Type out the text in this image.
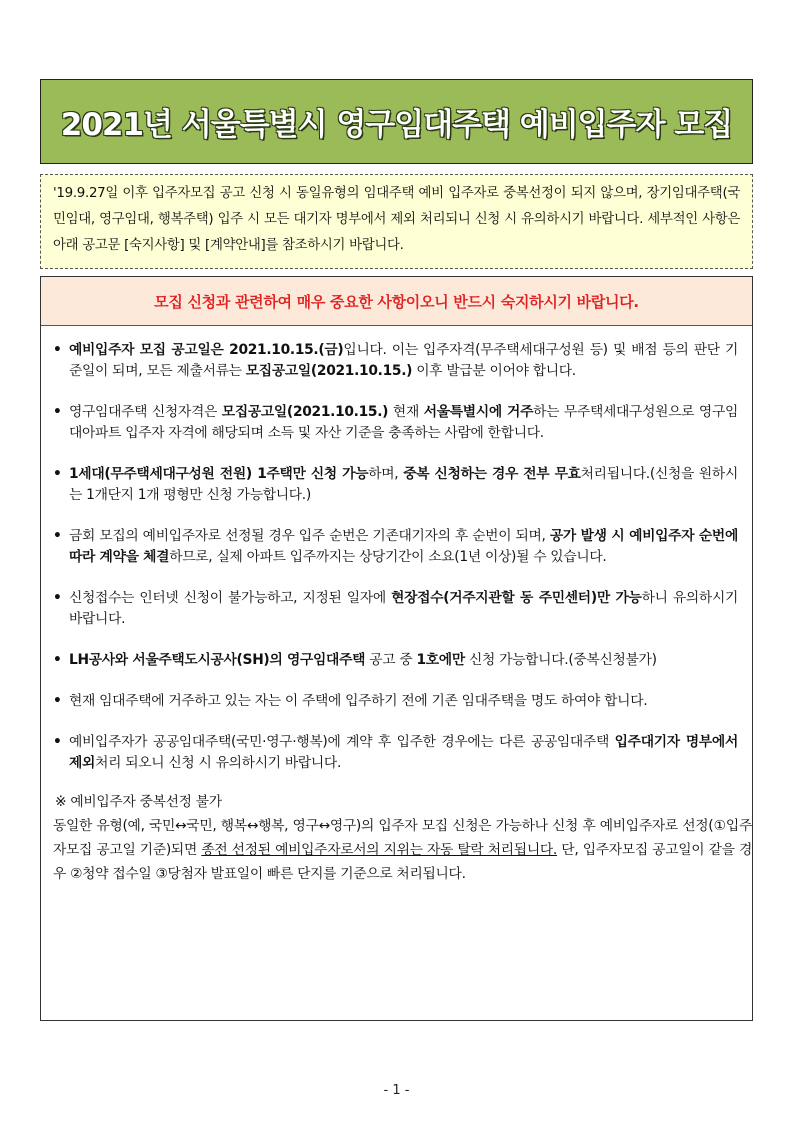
2021년 서울특별시 영구임대주택 예비입주자 모집
'19.9.27일 이후 입주자모집 공고 신청 시 동일유형의 임대주택 예비 입주자로 중복선정이 되지 않으며, 장기임대주택(국민임대, 영구임대, 행복주택) 입주 시 모든 대기자 명부에서 제외 처리되니 신청 시 유의하시기 바랍니다. 세부적인 사항은 아래 공고문 [숙지사항] 및 [계약안내]를 참조하시기 바랍니다.
모집 신청과 관련하여 매우 중요한 사항이오니 반드시 숙지하시기 바랍니다.
• 예비입주자 모집 공고일은 2021.10.15.(금)입니다. 이는 입주자격(무주택세대구성원 등) 및 배점 등의 판단 기준일이 되며, 모든 제출서류는 모집공고일(2021.10.15.) 이후 발급분 이어야 합니다.
• 영구임대주택 신청자격은 모집공고일(2021.10.15.) 현재 서울특별시에 거주하는 무주택세대구성원으로 영구임대아파트 입주자 자격에 해당되며 소득 및 자산 기준을 충족하는 사람에 한합니다.
• 1세대(무주택세대구성원 전원) 1주택만 신청 가능하며, 중복 신청하는 경우 전부 무효처리됩니다.(신청을 원하시는 1개단지 1개 평형만 신청 가능합니다.)
• 금회 모집의 예비입주자로 선정될 경우 입주 순번은 기존대기자의 후 순번이 되며, 공가 발생 시 예비입주자 순번에 따라 계약을 체결하므로, 실제 아파트 입주까지는 상당기간이 소요(1년 이상)될 수 있습니다.
• 신청접수는 인터넷 신청이 불가능하고, 지정된 일자에 현장접수(거주지관할 동 주민센터)만 가능하니 유의하시기 바랍니다.
• LH공사와 서울주택도시공사(SH)의 영구임대주택 공고 중 1호에만 신청 가능합니다.(중복신청불가)
• 현재 임대주택에 거주하고 있는 자는 이 주택에 입주하기 전에 기존 임대주택을 명도 하여야 합니다.
• 예비입주자가 공공임대주택(국민·영구·행복)에 계약 후 입주한 경우에는 다른 공공임대주택 입주대기자 명부에서 제외처리 되오니 신청 시 유의하시기 바랍니다.
※ 예비입주자 중복선정 불가
동일한 유형(예, 국민↔국민, 행복↔행복, 영구↔영구)의 입주자 모집 신청은 가능하나 신청 후 예비입주자로 선정(①입주자모집 공고일 기준)되면 종전 선정된 예비입주자로서의 지위는 자동 탈락 처리됩니다. 단, 입주자모집 공고일이 같을 경우 ②청약 접수일 ③당첨자 발표일이 빠른 단지를 기준으로 처리됩니다.
- 1 -
